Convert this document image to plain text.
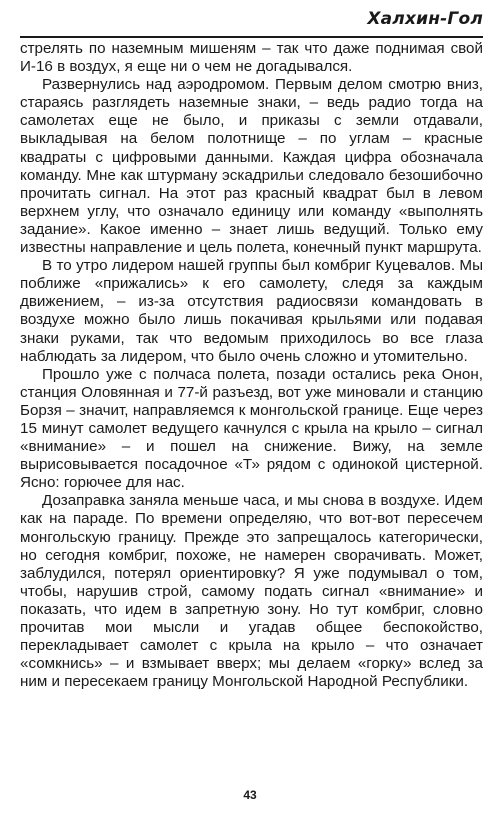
Халхин-Гол

стрелять по наземным мишеням – так что даже поднимая свой И-16 в воздух, я еще ни о чем не догадывался.

Развернулись над аэродромом. Первым делом смотрю вниз, стараясь разглядеть наземные знаки, – ведь радио тогда на самолетах еще не было, и приказы с земли отдавали, выкладывая на белом полотнище – по углам – красные квадраты с цифровыми данными. Каждая цифра обозначала команду. Мне как штурману эскадрильи следовало безошибочно прочитать сигнал. На этот раз красный квадрат был в левом верхнем углу, что означало единицу или команду «выполнять задание». Какое именно – знает лишь ведущий. Только ему известны направление и цель полета, конечный пункт маршрута.

В то утро лидером нашей группы был комбриг Куцевалов. Мы поближе «прижались» к его самолету, следя за каждым движением, – из-за отсутствия радиосвязи командовать в воздухе можно было лишь покачивая крыльями или подавая знаки руками, так что ведомым приходилось во все глаза наблюдать за лидером, что было очень сложно и утомительно.

Прошло уже с полчаса полета, позади остались река Онон, станция Оловянная и 77-й разъезд, вот уже миновали и станцию Борзя – значит, направляемся к монгольской границе. Еще через 15 минут самолет ведущего качнулся с крыла на крыло – сигнал «внимание» – и пошел на снижение. Вижу, на земле вырисовывается посадочное «Т» рядом с одинокой цистерной. Ясно: горючее для нас.

Дозаправка заняла меньше часа, и мы снова в воздухе. Идем как на параде. По времени определяю, что вот-вот пересечем монгольскую границу. Прежде это запрещалось категорически, но сегодня комбриг, похоже, не намерен сворачивать. Может, заблудился, потерял ориентировку? Я уже подумывал о том, чтобы, нарушив строй, самому подать сигнал «внимание» и показать, что идем в запретную зону. Но тут комбриг, словно прочитав мои мысли и угадав общее беспокойство, перекладывает самолет с крыла на крыло – что означает «сомкнись» – и взмывает вверх; мы делаем «горку» вслед за ним и пересекаем границу Монгольской Народной Республики.

43
